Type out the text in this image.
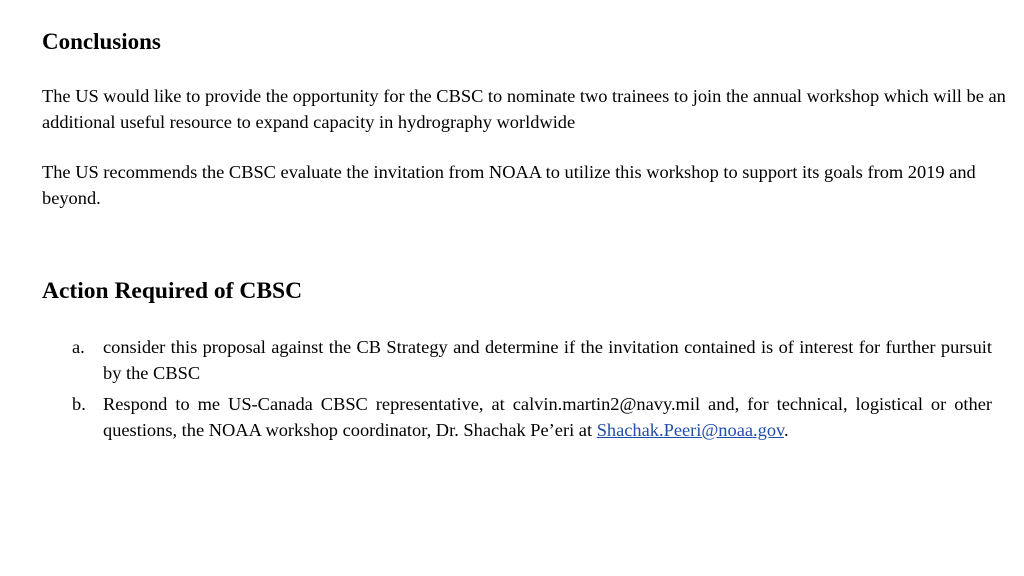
Conclusions

The US would like to provide the opportunity for the CBSC to nominate two trainees to join the annual workshop which will be an additional useful resource to expand capacity in hydrography worldwide

The US recommends the CBSC evaluate the invitation from NOAA to utilize this workshop to support its goals from 2019 and beyond.

Action Required of CBSC
a. consider this proposal against the CB Strategy and determine if the invitation contained is of interest for further pursuit by the CBSC
b. Respond to me US-Canada CBSC representative, at calvin.martin2@navy.mil and, for technical, logistical or other questions, the NOAA workshop coordinator, Dr. Shachak Pe’eri at Shachak.Peeri@noaa.gov.
